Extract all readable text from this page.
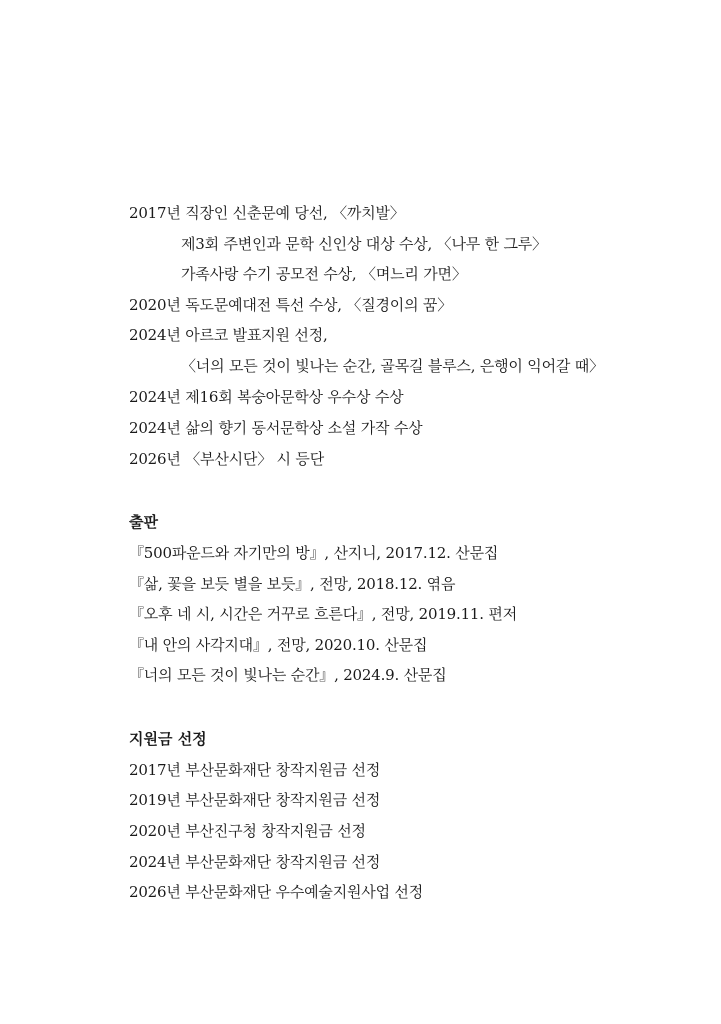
2017년 직장인 신춘문예 당선, 〈까치발〉
제3회 주변인과 문학 신인상 대상 수상, 〈나무 한 그루〉
가족사랑 수기 공모전 수상, 〈며느리 가면〉
2020년 독도문예대전 특선 수상, 〈질경이의 꿈〉
2024년 아르코 발표지원 선정,
〈너의 모든 것이 빛나는 순간, 골목길 블루스, 은행이 익어갈 때〉
2024년 제16회 복숭아문학상 우수상 수상
2024년 삶의 향기 동서문학상 소설 가작 수상
2026년 〈부산시단〉 시 등단
출판
『500파운드와 자기만의 방』, 산지니, 2017.12. 산문집
『삶, 꽃을 보듯 별을 보듯』, 전망, 2018.12. 엮음
『오후 네 시, 시간은 거꾸로 흐른다』, 전망, 2019.11. 편저
『내 안의 사각지대』, 전망, 2020.10. 산문집
『너의 모든 것이 빛나는 순간』, 2024.9. 산문집
지원금 선정
2017년 부산문화재단 창작지원금 선정
2019년 부산문화재단 창작지원금 선정
2020년 부산진구청 창작지원금 선정
2024년 부산문화재단 창작지원금 선정
2026년 부산문화재단 우수예술지원사업 선정
